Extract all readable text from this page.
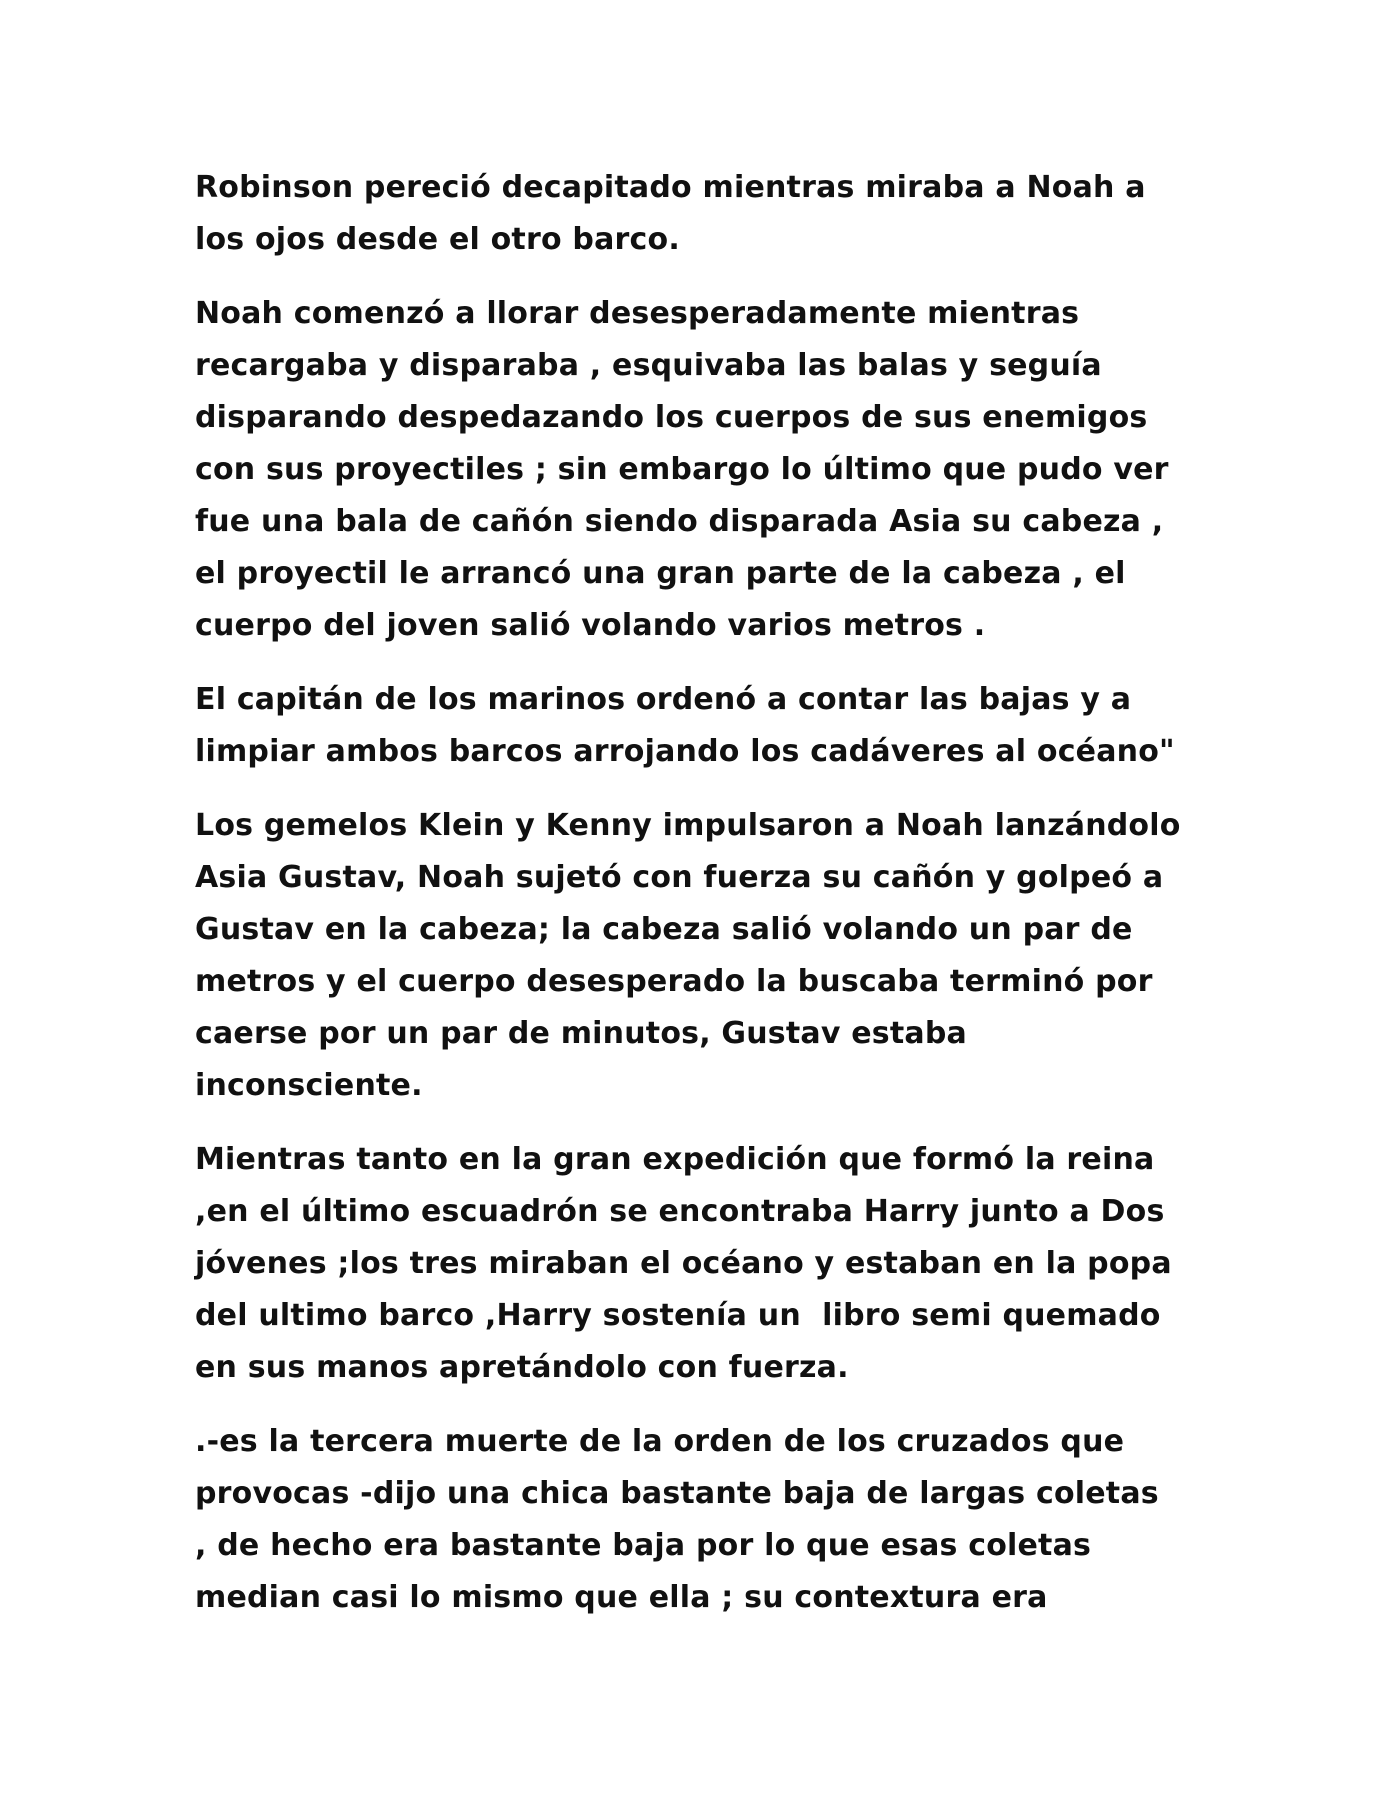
Robinson pereció decapitado mientras miraba a Noah a
los ojos desde el otro barco.

Noah comenzó a llorar desesperadamente mientras
recargaba y disparaba , esquivaba las balas y seguía
disparando despedazando los cuerpos de sus enemigos
con sus proyectiles ; sin embargo lo último que pudo ver
fue una bala de cañón siendo disparada Asia su cabeza ,
el proyectil le arrancó una gran parte de la cabeza , el
cuerpo del joven salió volando varios metros .

El capitán de los marinos ordenó a contar las bajas y a
limpiar ambos barcos arrojando los cadáveres al océano"

Los gemelos Klein y Kenny impulsaron a Noah lanzándolo
Asia Gustav, Noah sujetó con fuerza su cañón y golpeó a
Gustav en la cabeza; la cabeza salió volando un par de
metros y el cuerpo desesperado la buscaba terminó por
caerse por un par de minutos, Gustav estaba
inconsciente.

Mientras tanto en la gran expedición que formó la reina
,en el último escuadrón se encontraba Harry junto a Dos
jóvenes ;los tres miraban el océano y estaban en la popa
del ultimo barco ,Harry sostenía un  libro semi quemado
en sus manos apretándolo con fuerza.

.-es la tercera muerte de la orden de los cruzados que
provocas -dijo una chica bastante baja de largas coletas
, de hecho era bastante baja por lo que esas coletas
median casi lo mismo que ella ; su contextura era
